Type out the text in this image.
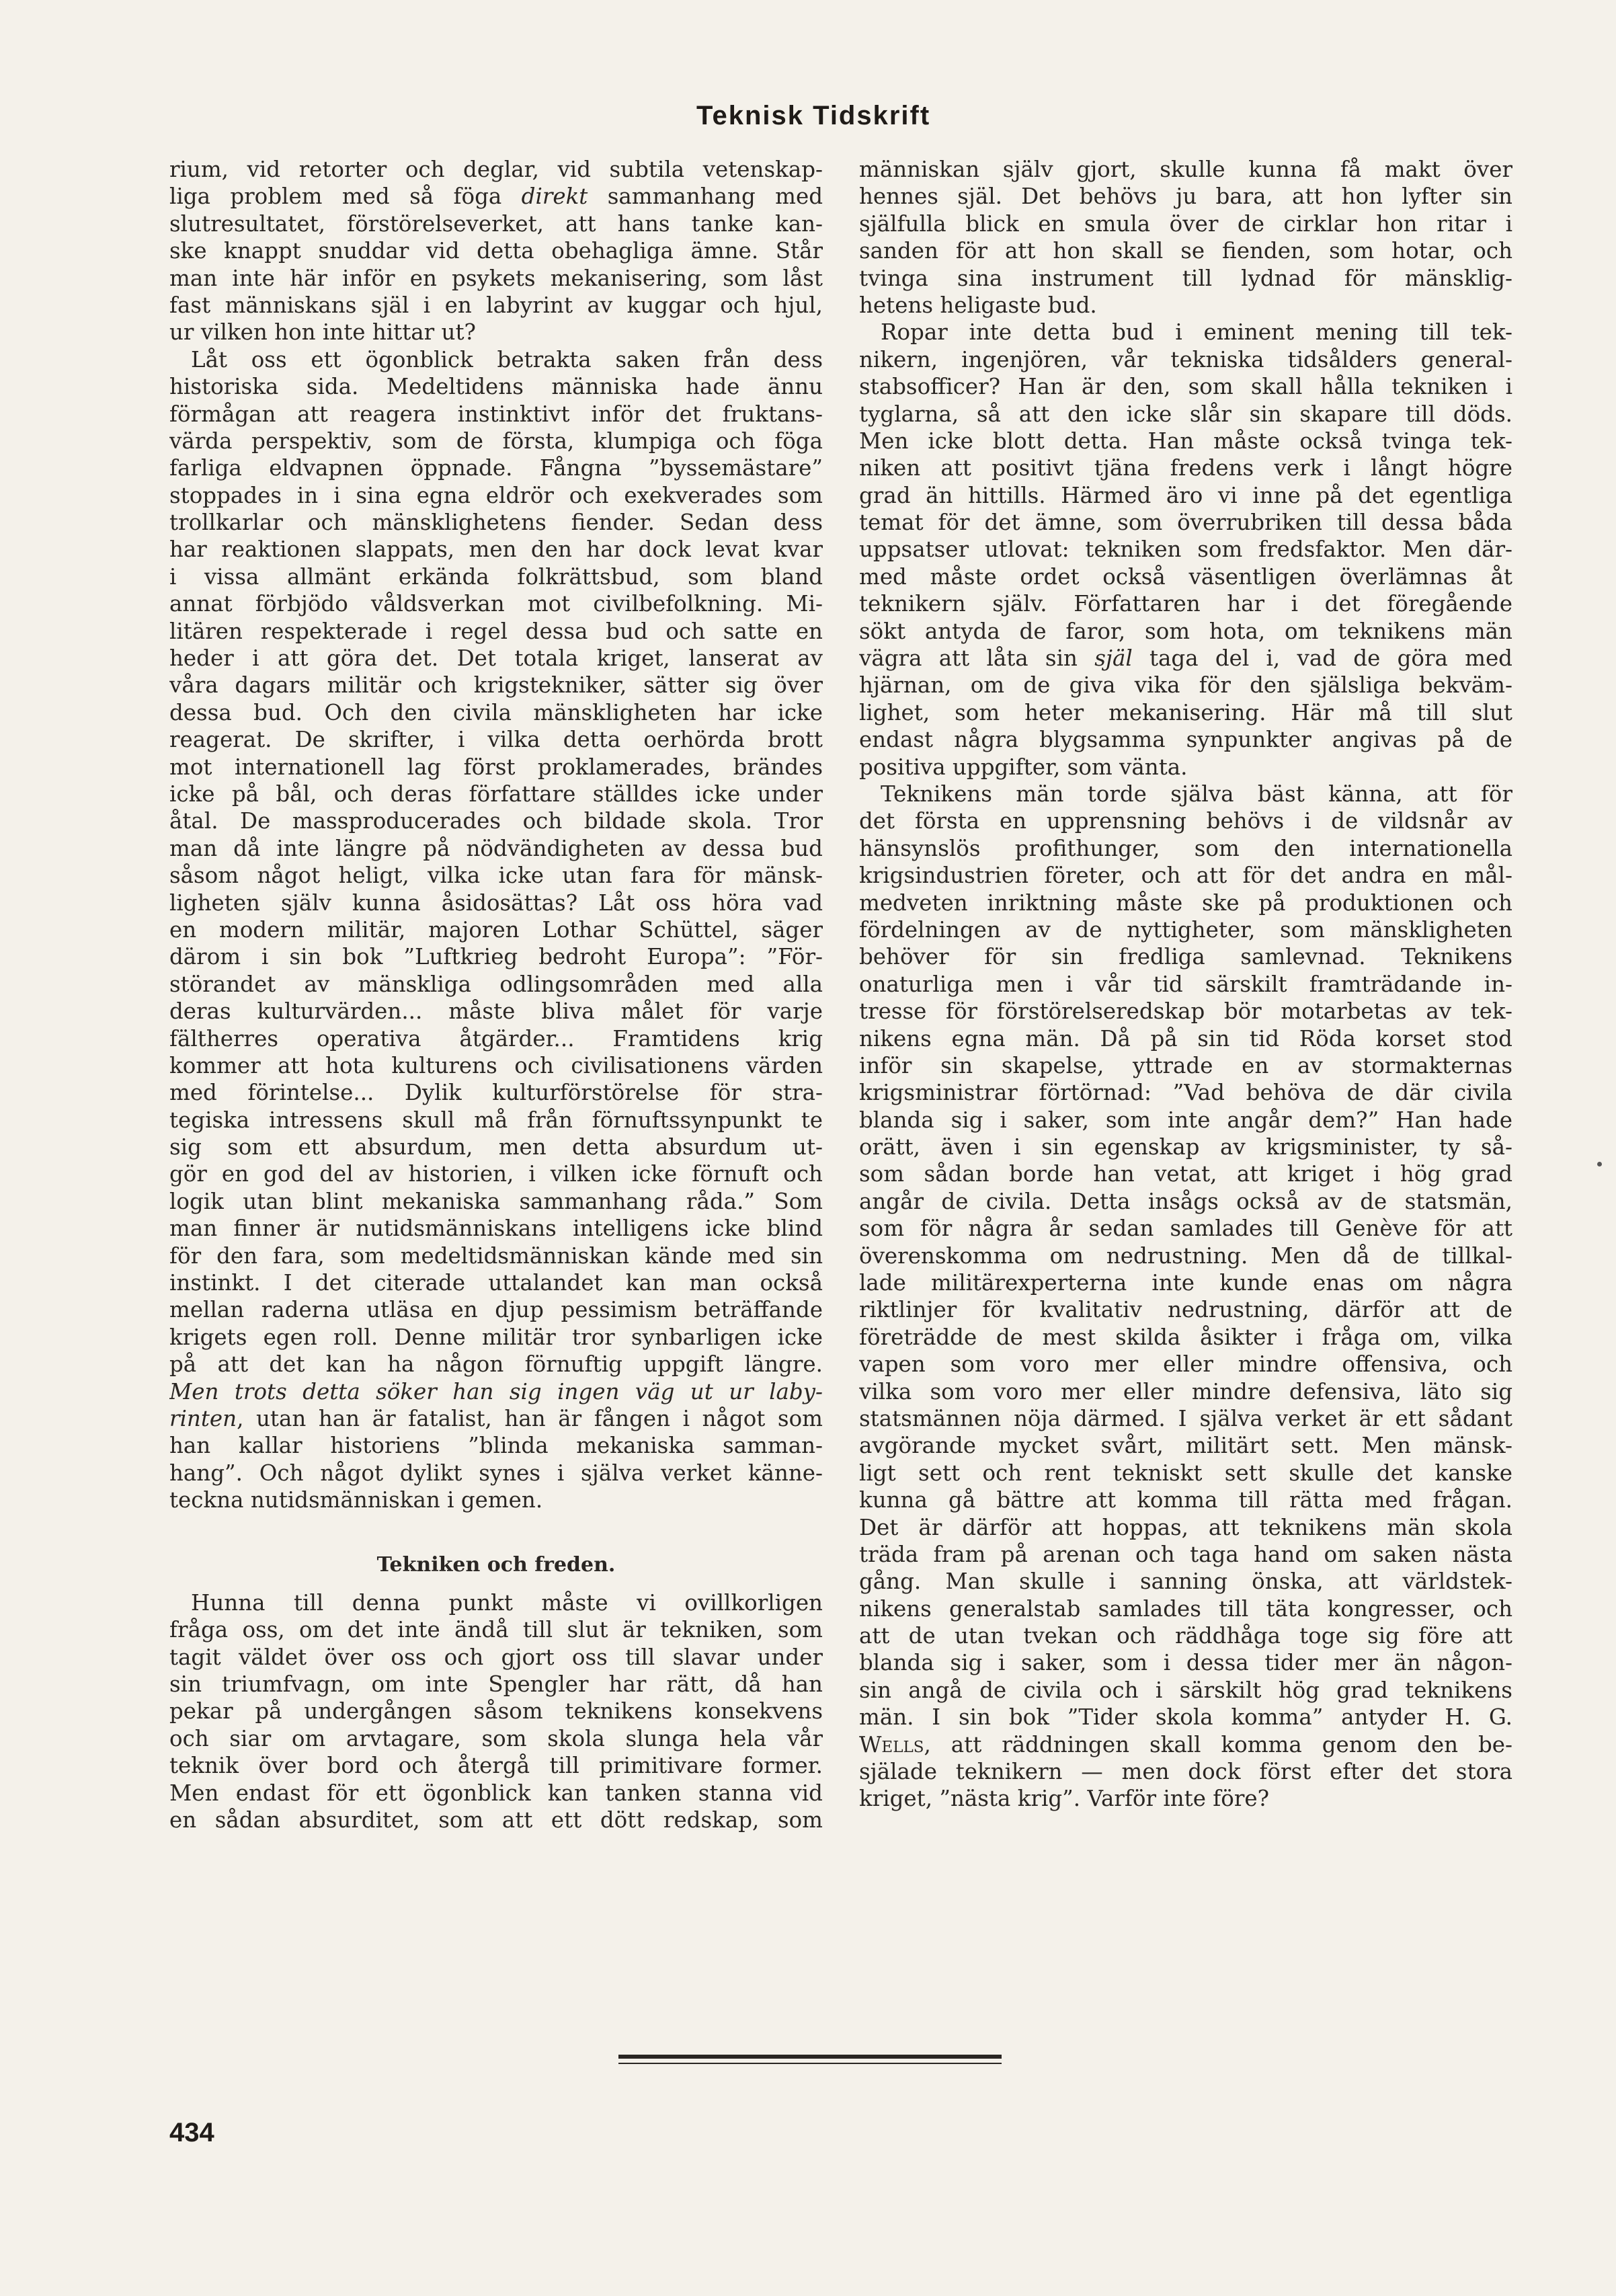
Teknisk Tidskrift
rium, vid retorter och deglar, vid subtila vetenskap-
liga problem med så föga direkt sammanhang med
slutresultatet, förstörelseverket, att hans tanke kan-
ske knappt snuddar vid detta obehagliga ämne. Står
man inte här inför en psykets mekanisering, som låst
fast människans själ i en labyrint av kuggar och hjul,
ur vilken hon inte hittar ut?
Låt oss ett ögonblick betrakta saken från dess
historiska sida. Medeltidens människa hade ännu
förmågan att reagera instinktivt inför det fruktans-
värda perspektiv, som de första, klumpiga och föga
farliga eldvapnen öppnade. Fångna ”byssemästare”
stoppades in i sina egna eldrör och exekverades som
trollkarlar och mänsklighetens fiender. Sedan dess
har reaktionen slappats, men den har dock levat kvar
i vissa allmänt erkända folkrättsbud, som bland
annat förbjödo våldsverkan mot civilbefolkning. Mi-
litären respekterade i regel dessa bud och satte en
heder i att göra det. Det totala kriget, lanserat av
våra dagars militär och krigstekniker, sätter sig över
dessa bud. Och den civila mänskligheten har icke
reagerat. De skrifter, i vilka detta oerhörda brott
mot internationell lag först proklamerades, brändes
icke på bål, och deras författare ställdes icke under
åtal. De massproducerades och bildade skola. Tror
man då inte längre på nödvändigheten av dessa bud
såsom något heligt, vilka icke utan fara för mänsk-
ligheten själv kunna åsidosättas? Låt oss höra vad
en modern militär, majoren Lothar Schüttel, säger
därom i sin bok ”Luftkrieg bedroht Europa”: ”För-
störandet av mänskliga odlingsområden med alla
deras kulturvärden... måste bliva målet för varje
fältherres operativa åtgärder... Framtidens krig
kommer att hota kulturens och civilisationens värden
med förintelse... Dylik kulturförstörelse för stra-
tegiska intressens skull må från förnuftssynpunkt te
sig som ett absurdum, men detta absurdum ut-
gör en god del av historien, i vilken icke förnuft och
logik utan blint mekaniska sammanhang råda.” Som
man finner är nutidsmänniskans intelligens icke blind
för den fara, som medeltidsmänniskan kände med sin
instinkt. I det citerade uttalandet kan man också
mellan raderna utläsa en djup pessimism beträffande
krigets egen roll. Denne militär tror synbarligen icke
på att det kan ha någon förnuftig uppgift längre.
Men trots detta söker han sig ingen väg ut ur laby-
rinten, utan han är fatalist, han är fången i något som
han kallar historiens ”blinda mekaniska samman-
hang”. Och något dylikt synes i själva verket känne-
teckna nutidsmänniskan i gemen.
Tekniken och freden.
Hunna till denna punkt måste vi ovillkorligen
fråga oss, om det inte ändå till slut är tekniken, som
tagit väldet över oss och gjort oss till slavar under
sin triumfvagn, om inte Spengler har rätt, då han
pekar på undergången såsom teknikens konsekvens
och siar om arvtagare, som skola slunga hela vår
teknik över bord och återgå till primitivare former.
Men endast för ett ögonblick kan tanken stanna vid
en sådan absurditet, som att ett dött redskap, som
människan själv gjort, skulle kunna få makt över
hennes själ. Det behövs ju bara, att hon lyfter sin
själfulla blick en smula över de cirklar hon ritar i
sanden för att hon skall se fienden, som hotar, och
tvinga sina instrument till lydnad för mänsklig-
hetens heligaste bud.
Ropar inte detta bud i eminent mening till tek-
nikern, ingenjören, vår tekniska tidsålders general-
stabsofficer? Han är den, som skall hålla tekniken i
tyglarna, så att den icke slår sin skapare till döds.
Men icke blott detta. Han måste också tvinga tek-
niken att positivt tjäna fredens verk i långt högre
grad än hittills. Härmed äro vi inne på det egentliga
temat för det ämne, som överrubriken till dessa båda
uppsatser utlovat: tekniken som fredsfaktor. Men där-
med måste ordet också väsentligen överlämnas åt
teknikern själv. Författaren har i det föregående
sökt antyda de faror, som hota, om teknikens män
vägra att låta sin själ taga del i, vad de göra med
hjärnan, om de giva vika för den själsliga bekväm-
lighet, som heter mekanisering. Här må till slut
endast några blygsamma synpunkter angivas på de
positiva uppgifter, som vänta.
Teknikens män torde själva bäst känna, att för
det första en upprensning behövs i de vildsnår av
hänsynslös profithunger, som den internationella
krigsindustrien företer, och att för det andra en mål-
medveten inriktning måste ske på produktionen och
fördelningen av de nyttigheter, som mänskligheten
behöver för sin fredliga samlevnad. Teknikens
onaturliga men i vår tid särskilt framträdande in-
tresse för förstörelseredskap bör motarbetas av tek-
nikens egna män. Då på sin tid Röda korset stod
inför sin skapelse, yttrade en av stormakternas
krigsministrar förtörnad: ”Vad behöva de där civila
blanda sig i saker, som inte angår dem?” Han hade
orätt, även i sin egenskap av krigsminister, ty så-
som sådan borde han vetat, att kriget i hög grad
angår de civila. Detta insågs också av de statsmän,
som för några år sedan samlades till Genève för att
överenskomma om nedrustning. Men då de tillkal-
lade militärexperterna inte kunde enas om några
riktlinjer för kvalitativ nedrustning, därför att de
företrädde de mest skilda åsikter i fråga om, vilka
vapen som voro mer eller mindre offensiva, och
vilka som voro mer eller mindre defensiva, läto sig
statsmännen nöja därmed. I själva verket är ett sådant
avgörande mycket svårt, militärt sett. Men mänsk-
ligt sett och rent tekniskt sett skulle det kanske
kunna gå bättre att komma till rätta med frågan.
Det är därför att hoppas, att teknikens män skola
träda fram på arenan och taga hand om saken nästa
gång. Man skulle i sanning önska, att världstek-
nikens generalstab samlades till täta kongresser, och
att de utan tvekan och räddhåga toge sig före att
blanda sig i saker, som i dessa tider mer än någon-
sin angå de civila och i särskilt hög grad teknikens
män. I sin bok ”Tider skola komma” antyder H. G.
Wells, att räddningen skall komma genom den be-
själade teknikern — men dock först efter det stora
kriget, ”nästa krig”. Varför inte före?
434
